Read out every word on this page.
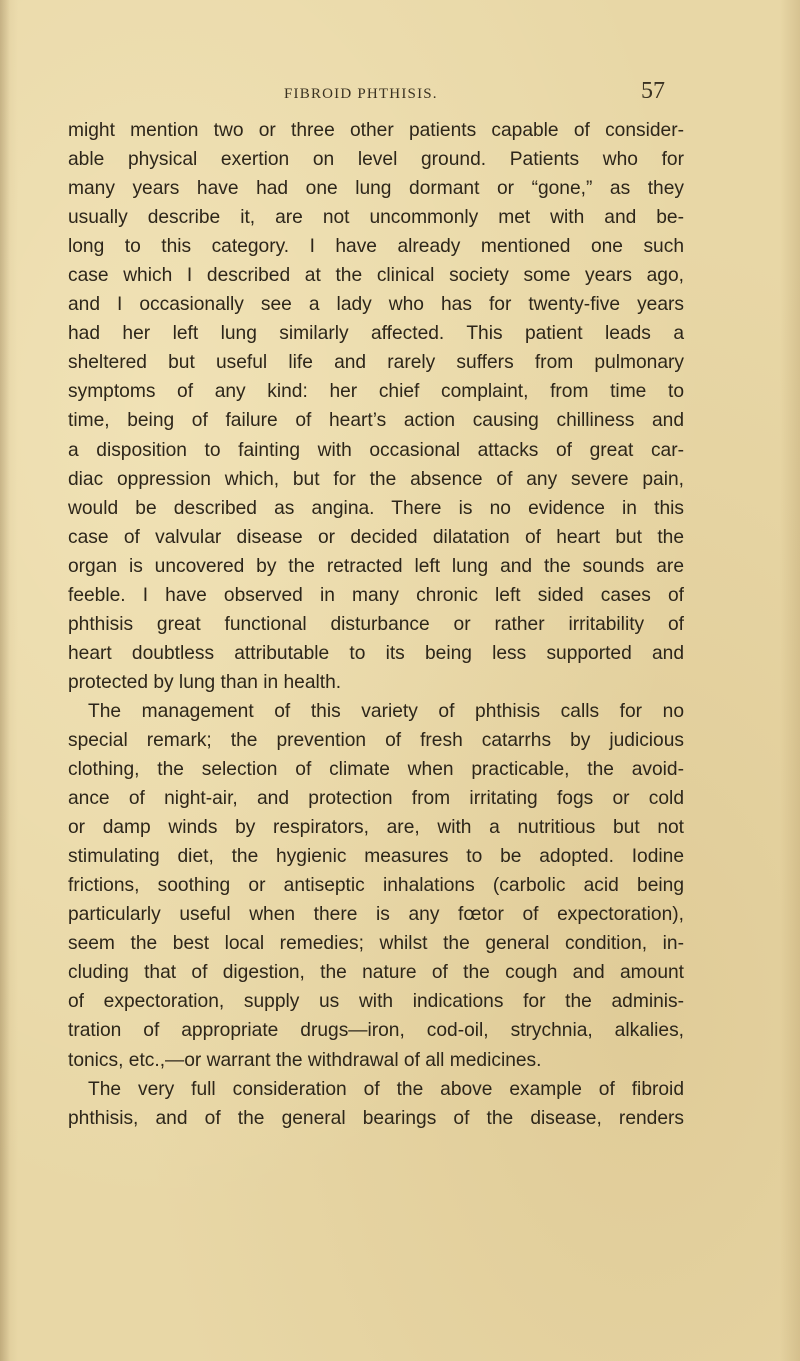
FIBROID PHTHISIS.	57
might mention two or three other patients capable of consider-
able physical exertion on level ground. Patients who for
many years have had one lung dormant or “gone,” as they
usually describe it, are not uncommonly met with and be-
long to this category. I have already mentioned one such
case which I described at the clinical society some years ago,
and I occasionally see a lady who has for twenty-five years
had her left lung similarly affected. This patient leads a
sheltered but useful life and rarely suffers from pulmonary
symptoms of any kind: her chief complaint, from time to
time, being of failure of heart’s action causing chilliness and
a disposition to fainting with occasional attacks of great car-
diac oppression which, but for the absence of any severe pain,
would be described as angina. There is no evidence in this
case of valvular disease or decided dilatation of heart but the
organ is uncovered by the retracted left lung and the sounds are
feeble. I have observed in many chronic left sided cases of
phthisis great functional disturbance or rather irritability of
heart doubtless attributable to its being less supported and
protected by lung than in health.
The management of this variety of phthisis calls for no
special remark; the prevention of fresh catarrhs by judicious
clothing, the selection of climate when practicable, the avoid-
ance of night-air, and protection from irritating fogs or cold
or damp winds by respirators, are, with a nutritious but not
stimulating diet, the hygienic measures to be adopted. Iodine
frictions, soothing or antiseptic inhalations (carbolic acid being
particularly useful when there is any fœtor of expectoration),
seem the best local remedies; whilst the general condition, in-
cluding that of digestion, the nature of the cough and amount
of expectoration, supply us with indications for the adminis-
tration of appropriate drugs—iron, cod-oil, strychnia, alkalies,
tonics, etc.,—or warrant the withdrawal of all medicines.
The very full consideration of the above example of fibroid
phthisis, and of the general bearings of the disease, renders
